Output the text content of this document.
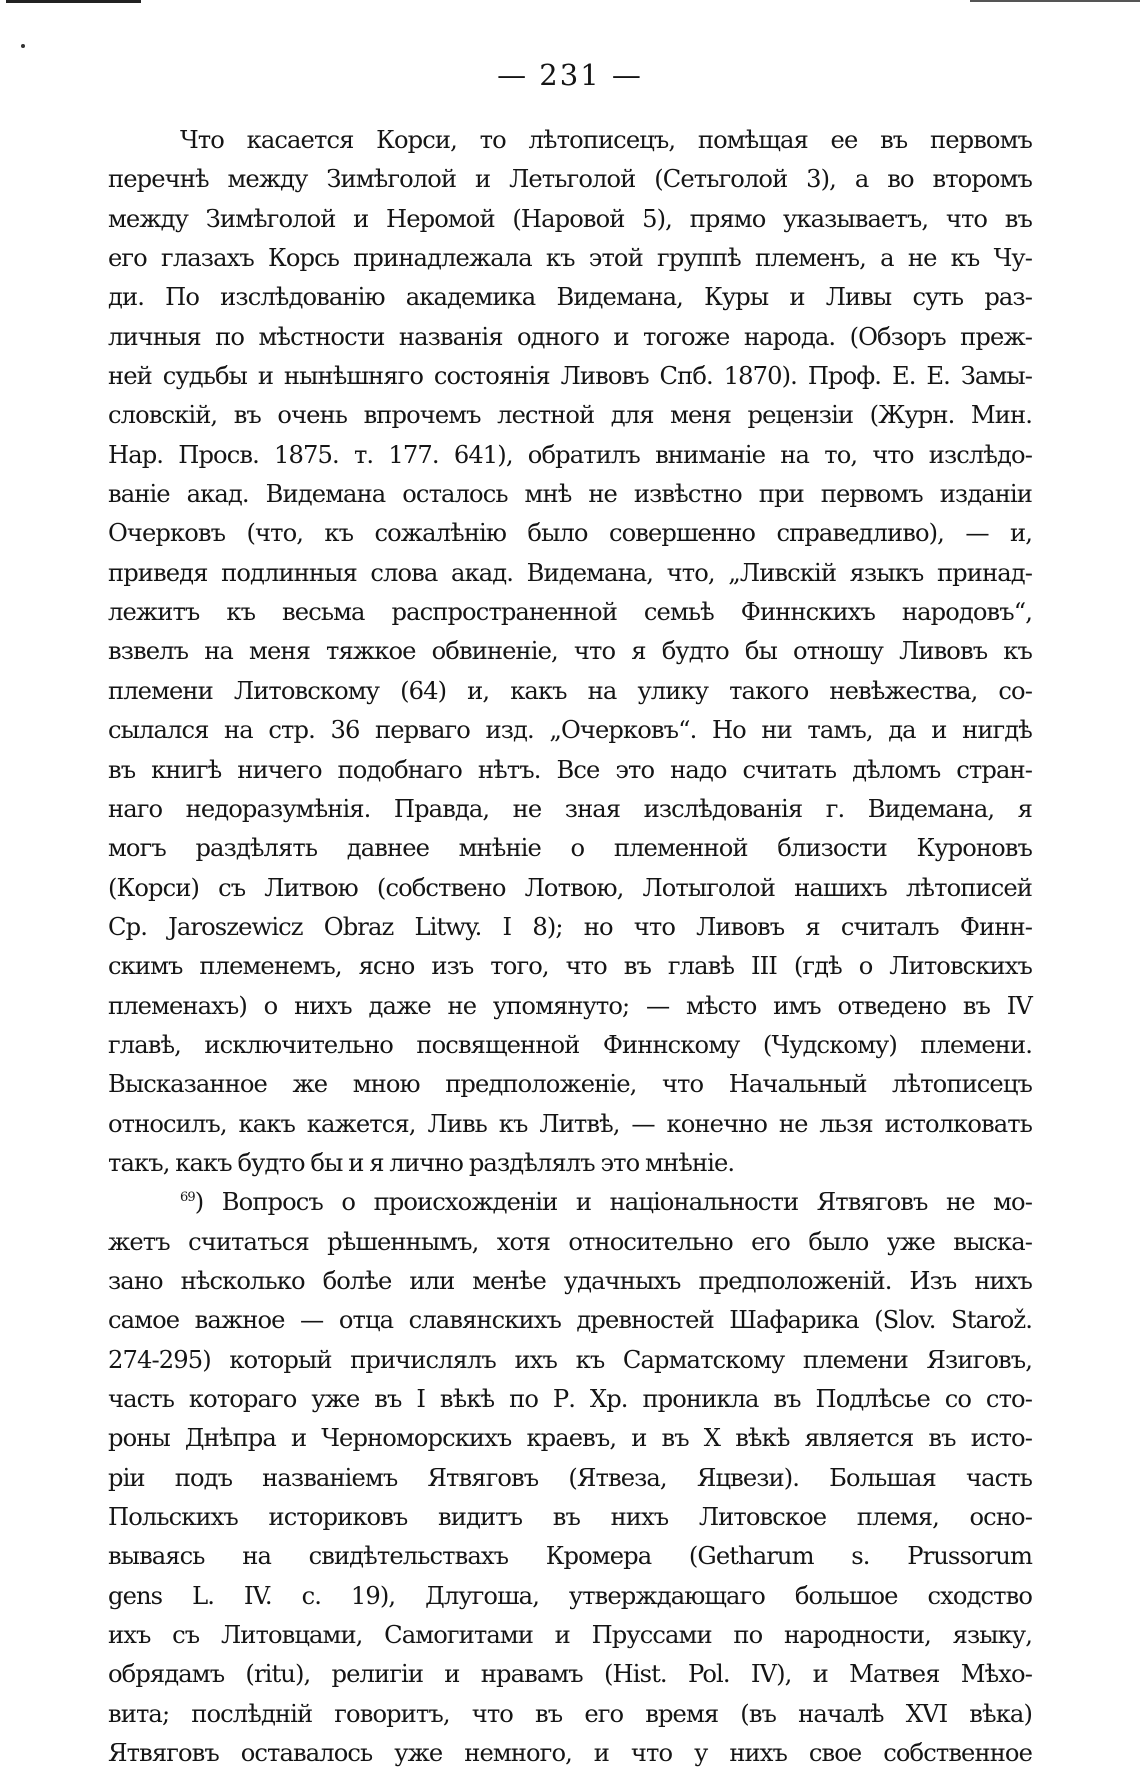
— 231 —
Что касается Корси, то лѣтописецъ, помѣщая ее въ первомъ
перечнѣ между Зимѣголой и Летьголой (Сетьголой 3), а во второмъ
между Зимѣголой и Неромой (Наровой 5), прямо указываетъ, что въ
его глазахъ Корсь принадлежала къ этой группѣ племенъ, а не къ Чу-
ди. По изслѣдованію академика Видемана, Куры и Ливы суть раз-
личныя по мѣстности названія одного и тогоже народа. (Обзоръ преж-
ней судьбы и нынѣшняго состоянія Ливовъ Спб. 1870). Проф. Е. Е. Замы-
словскій, въ очень впрочемъ лестной для меня рецензіи (Журн. Мин.
Нар. Просв. 1875. т. 177. 641), обратилъ вниманіе на то, что изслѣдо-
ваніе акад. Видемана осталось мнѣ не извѣстно при первомъ изданіи
Очерковъ (что, къ сожалѣнію было совершенно справедливо), — и,
приведя подлинныя слова акад. Видемана, что, „Ливскій языкъ принад-
лежитъ къ весьма распространенной семьѣ Финнскихъ народовъ“,
взвелъ на меня тяжкое обвиненіе, что я будто бы отношу Ливовъ къ
племени Литовскому (64) и, какъ на улику такого невѣжества, со-
сылался на стр. 36 перваго изд. „Очерковъ“. Но ни тамъ, да и нигдѣ
въ книгѣ ничего подобнаго нѣтъ. Все это надо считать дѣломъ стран-
наго недоразумѣнія. Правда, не зная изслѣдованія г. Видемана, я
могъ раздѣлять давнее мнѣніе о племенной близости Куроновъ
(Корси) съ Литвою (собствено Лотвою, Лотыголой нашихъ лѣтописей
Ср. Jaroszewicz Obraz Litwy. I 8); но что Ливовъ я считалъ Финн-
скимъ племенемъ, ясно изъ того, что въ главѣ III (гдѣ о Литовскихъ
племенахъ) о нихъ даже не упомянуто; — мѣсто имъ отведено въ IV
главѣ, исключительно посвященной Финнскому (Чудскому) племени.
Высказанное же мною предположеніе, что Начальный лѣтописецъ
относилъ, какъ кажется, Ливь къ Литвѣ, — конечно не льзя истолковать
такъ, какъ будто бы и я лично раздѣлялъ это мнѣніе.
$^{69}$) Вопросъ о происхожденіи и національности Ятвяговъ не мо-
жетъ считаться рѣшеннымъ, хотя относительно его было уже выска-
зано нѣсколько болѣе или менѣе удачныхъ предположеній. Изъ нихъ
самое важное — отца славянскихъ древностей Шафарика (Slov. Starož.
274-295) который причислялъ ихъ къ Сарматскому племени Язиговъ,
часть котораго уже въ I вѣкѣ по Р. Хр. проникла въ Подлѣсье со сто-
роны Днѣпра и Черноморскихъ краевъ, и въ X вѣкѣ является въ исто-
ріи подъ названіемъ Ятвяговъ (Ятвеза, Яцвези). Большая часть
Польскихъ историковъ видитъ въ нихъ Литовское племя, осно-
вываясь на свидѣтельствахъ Кромера (Getharum s. Prussorum
gens L. IV. c. 19), Длугоша, утверждающаго большое сходство
ихъ съ Литовцами, Самогитами и Пруссами по народности, языку,
обрядамъ (ritu), религіи и нравамъ (Hist. Pol. IV), и Матвея Мѣхо-
вита; послѣдній говоритъ, что въ его время (въ началѣ XVI вѣка)
Ятвяговъ оставалось уже немного, и что у нихъ свое собственное
